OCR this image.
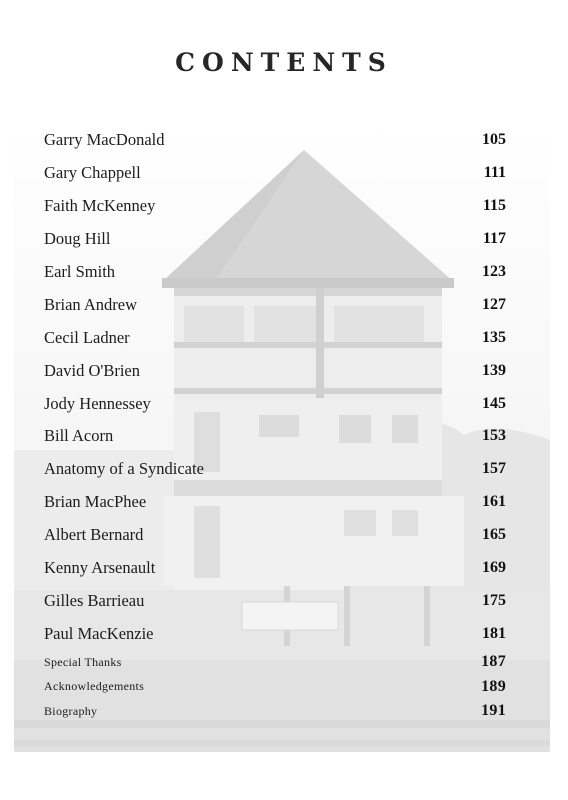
CONTENTS
Garry MacDonald	105
Gary Chappell	111
Faith McKenney	115
Doug Hill	117
Earl Smith	123
Brian Andrew	127
Cecil Ladner	135
David O'Brien	139
Jody Hennessey	145
Bill Acorn	153
Anatomy of a Syndicate	157
Brian MacPhee	161
Albert Bernard	165
Kenny Arsenault	169
Gilles Barrieau	175
Paul MacKenzie	181
Special Thanks	187
Acknowledgements	189
Biography	191
